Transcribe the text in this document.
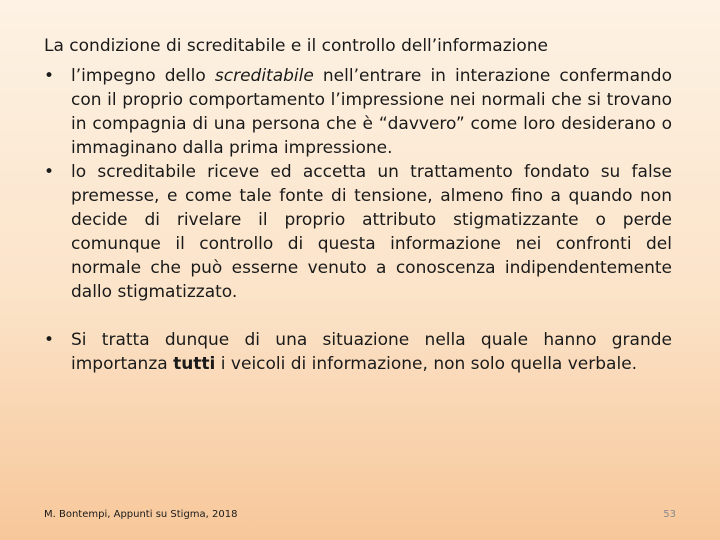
La condizione di screditabile e il controllo dell’informazione
• l’impegno dello screditabile nell’entrare in interazione confermando con il proprio comportamento l’impressione nei normali che si trovano in compagnia di una persona che è “davvero” come loro desiderano o immaginano dalla prima impressione.
• lo screditabile riceve ed accetta un trattamento fondato su false premesse, e come tale fonte di tensione, almeno fino a quando non decide di rivelare il proprio attributo stigmatizzante o perde comunque il controllo di questa informazione nei confronti del normale che può esserne venuto a conoscenza indipendentemente dallo stigmatizzato.
• Si tratta dunque di una situazione nella quale hanno grande importanza tutti i veicoli di informazione, non solo quella verbale.
M. Bontempi, Appunti su Stigma, 2018	53
